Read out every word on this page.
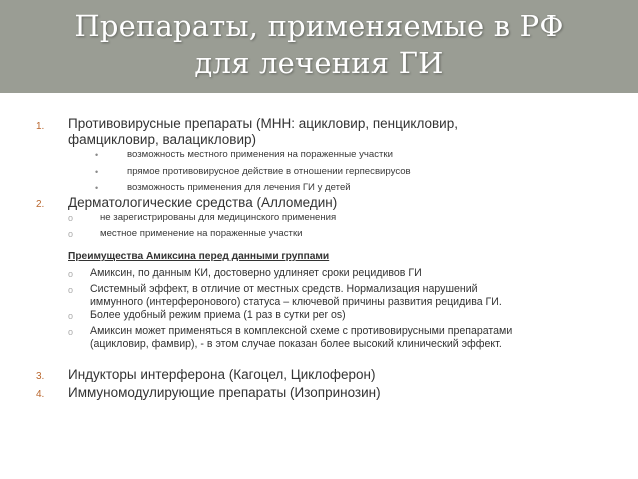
Препараты, применяемые в РФ
для лечения ГИ
1. Противовирусные препараты (МНН: ацикловир, пенцикловир,
фамцикловир, валацикловир)
•	возможность местного применения на пораженные участки
•	прямое противовирусное действие в отношении герпесвирусов
•	возможность применения для лечения ГИ у детей
2. Дерматологические средства (Алломедин)
o	не зарегистрированы для медицинского применения
o	местное применение на пораженные участки
Преимущества Амиксина перед данными группами
o Амиксин, по данным КИ, достоверно удлиняет сроки рецидивов ГИ
o Системный эффект, в отличие от местных средств. Нормализация нарушений
иммунного (интерферонового) статуса – ключевой причины развития рецидива ГИ.
o Более удобный режим приема (1 раз в сутки per os)
o Амиксин может применяться в комплексной схеме с противовирусными препаратами
(ацикловир, фамвир), - в этом случае показан более высокий клинический эффект.
3. Индукторы интерферона (Кагоцел, Циклоферон)
4. Иммуномодулирующие препараты (Изопринозин)
